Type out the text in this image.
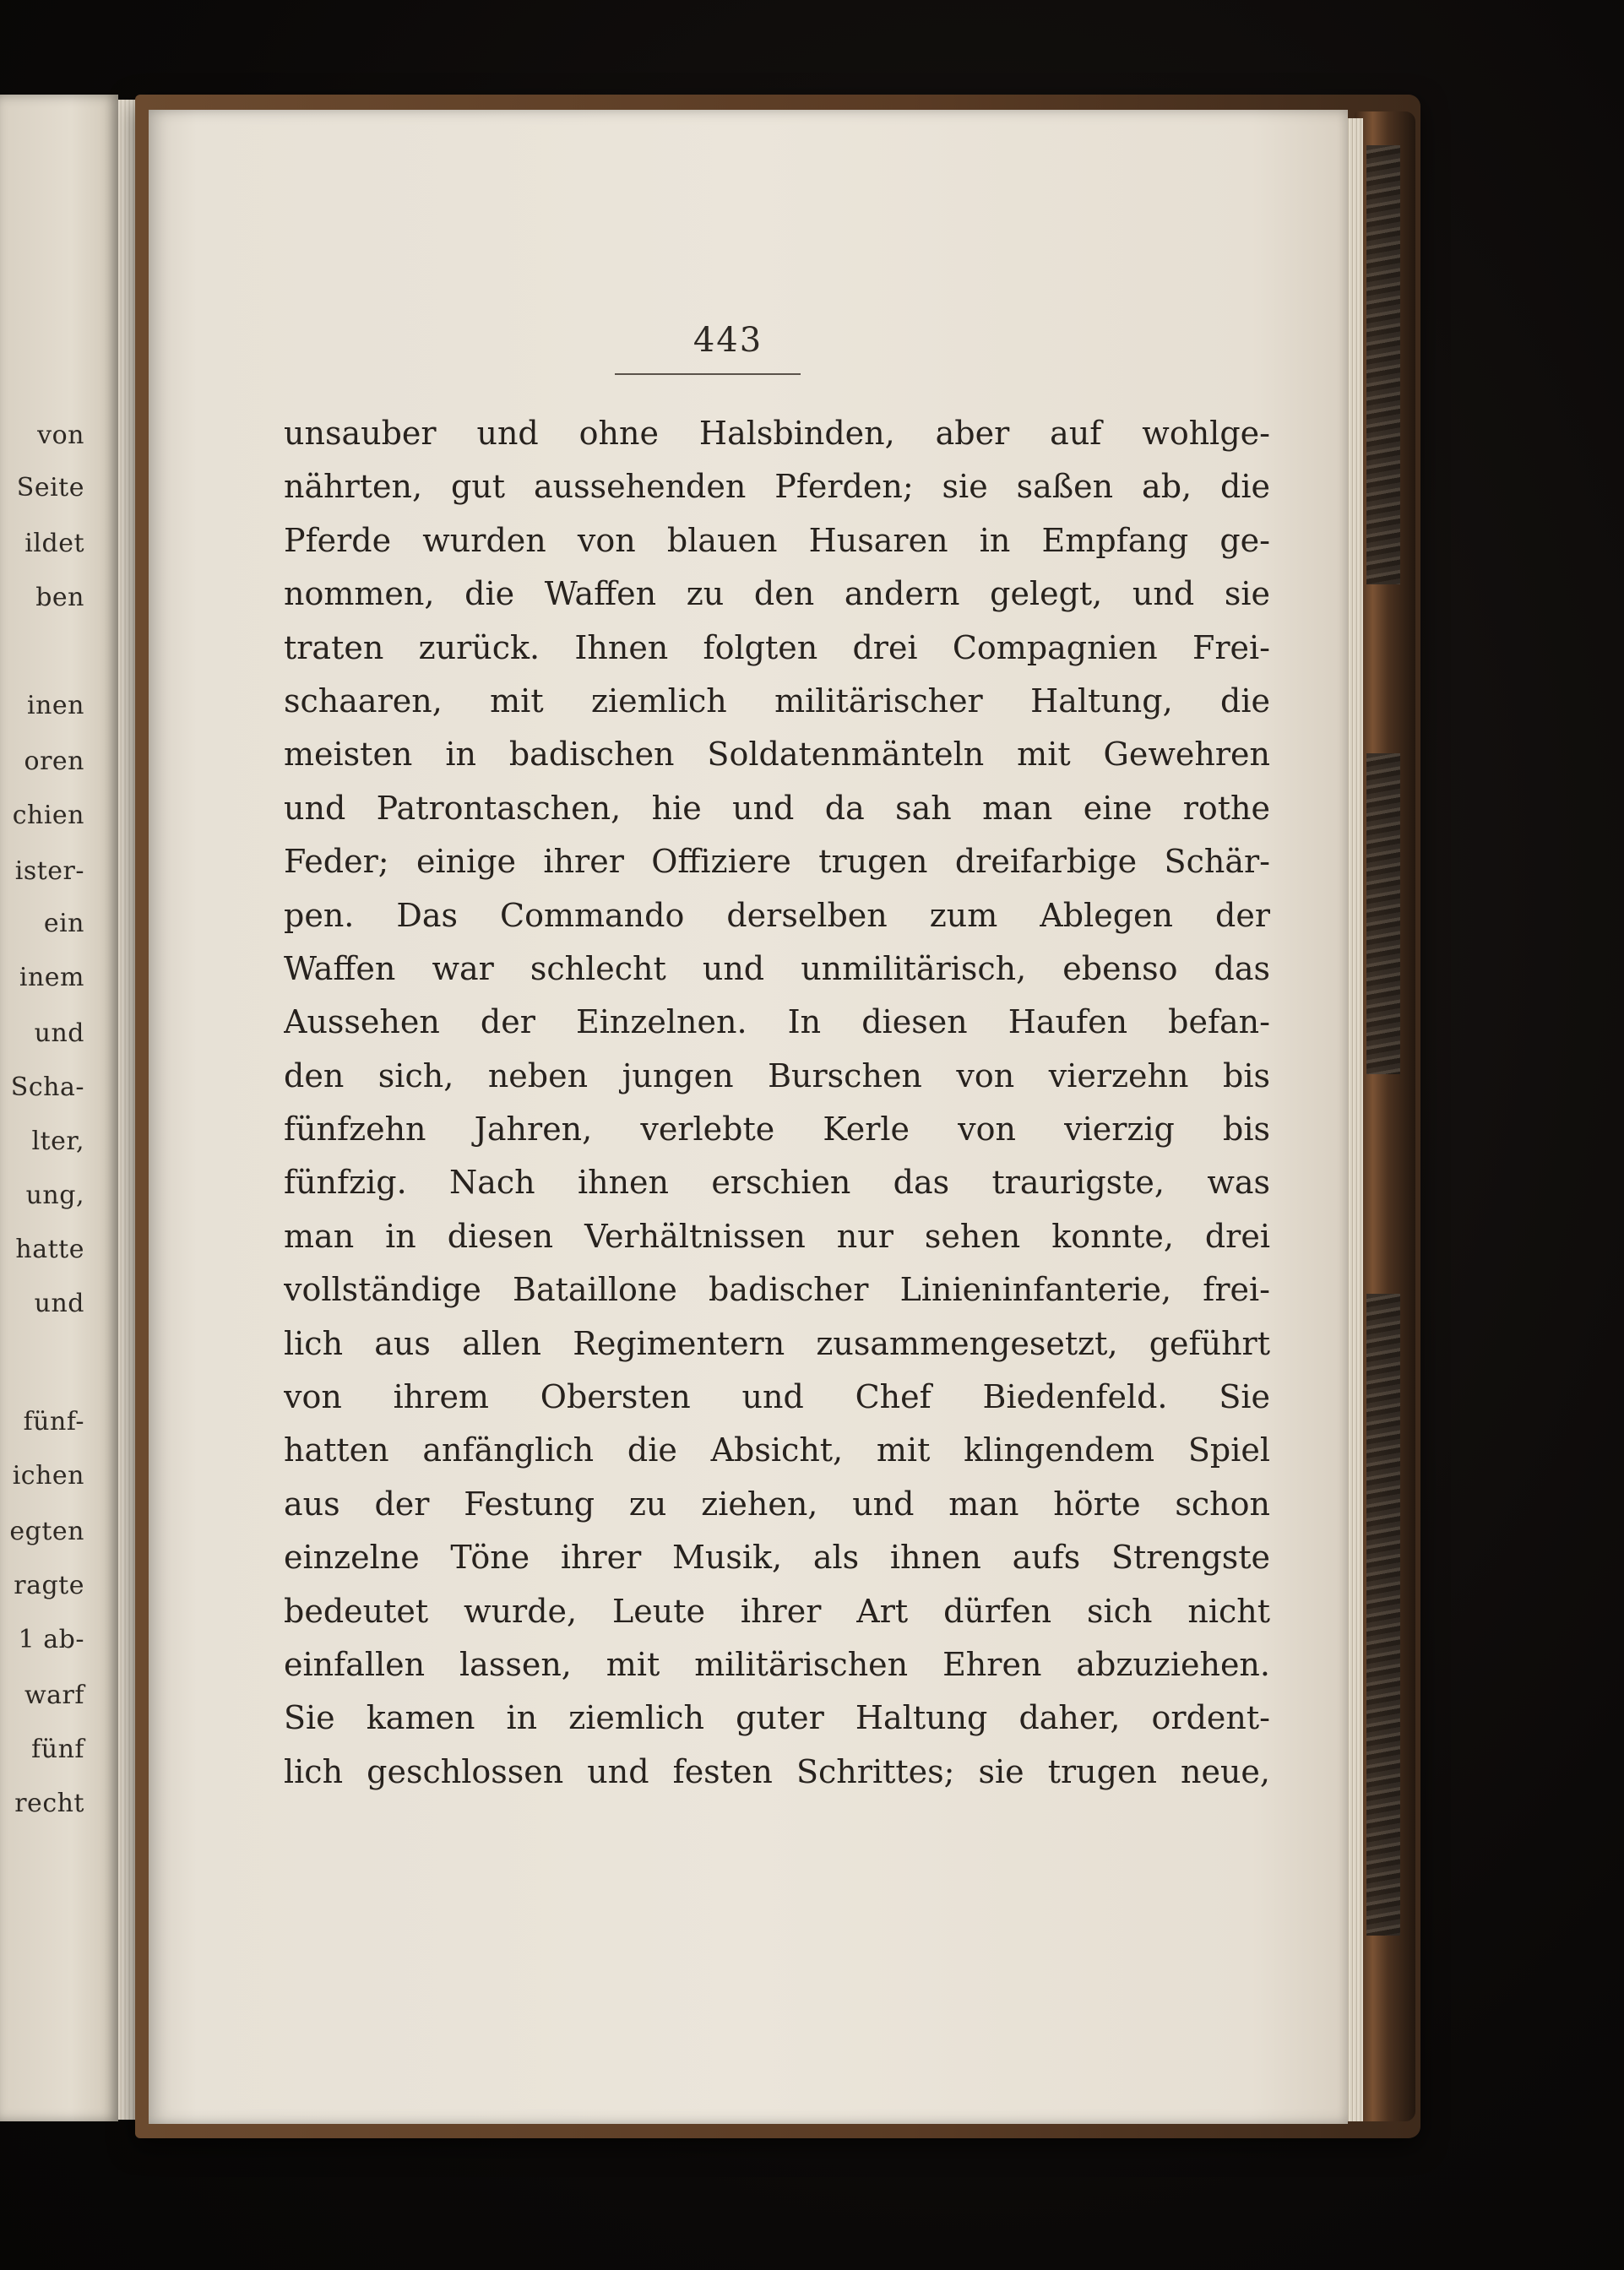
von
Seite
ildet
ben
inen
oren
chien
ister-
ein
inem
und
Scha-
lter,
ung,
hatte
und
fünf-
ichen
egten
ragte
1 ab-
warf
fünf
recht
443
unsauber und ohne Halsbinden, aber auf wohlge-
nährten, gut aussehenden Pferden; sie saßen ab, die
Pferde wurden von blauen Husaren in Empfang ge-
nommen, die Waffen zu den andern gelegt, und sie
traten zurück. Ihnen folgten drei Compagnien Frei-
schaaren, mit ziemlich militärischer Haltung, die
meisten in badischen Soldatenmänteln mit Gewehren
und Patrontaschen, hie und da sah man eine rothe
Feder; einige ihrer Offiziere trugen dreifarbige Schär-
pen. Das Commando derselben zum Ablegen der
Waffen war schlecht und unmilitärisch, ebenso das
Aussehen der Einzelnen. In diesen Haufen befan-
den sich, neben jungen Burschen von vierzehn bis
fünfzehn Jahren, verlebte Kerle von vierzig bis
fünfzig. Nach ihnen erschien das traurigste, was
man in diesen Verhältnissen nur sehen konnte, drei
vollständige Bataillone badischer Linieninfanterie, frei-
lich aus allen Regimentern zusammengesetzt, geführt
von ihrem Obersten und Chef Biedenfeld. Sie
hatten anfänglich die Absicht, mit klingendem Spiel
aus der Festung zu ziehen, und man hörte schon
einzelne Töne ihrer Musik, als ihnen aufs Strengste
bedeutet wurde, Leute ihrer Art dürfen sich nicht
einfallen lassen, mit militärischen Ehren abzuziehen.
Sie kamen in ziemlich guter Haltung daher, ordent-
lich geschlossen und festen Schrittes; sie trugen neue,
